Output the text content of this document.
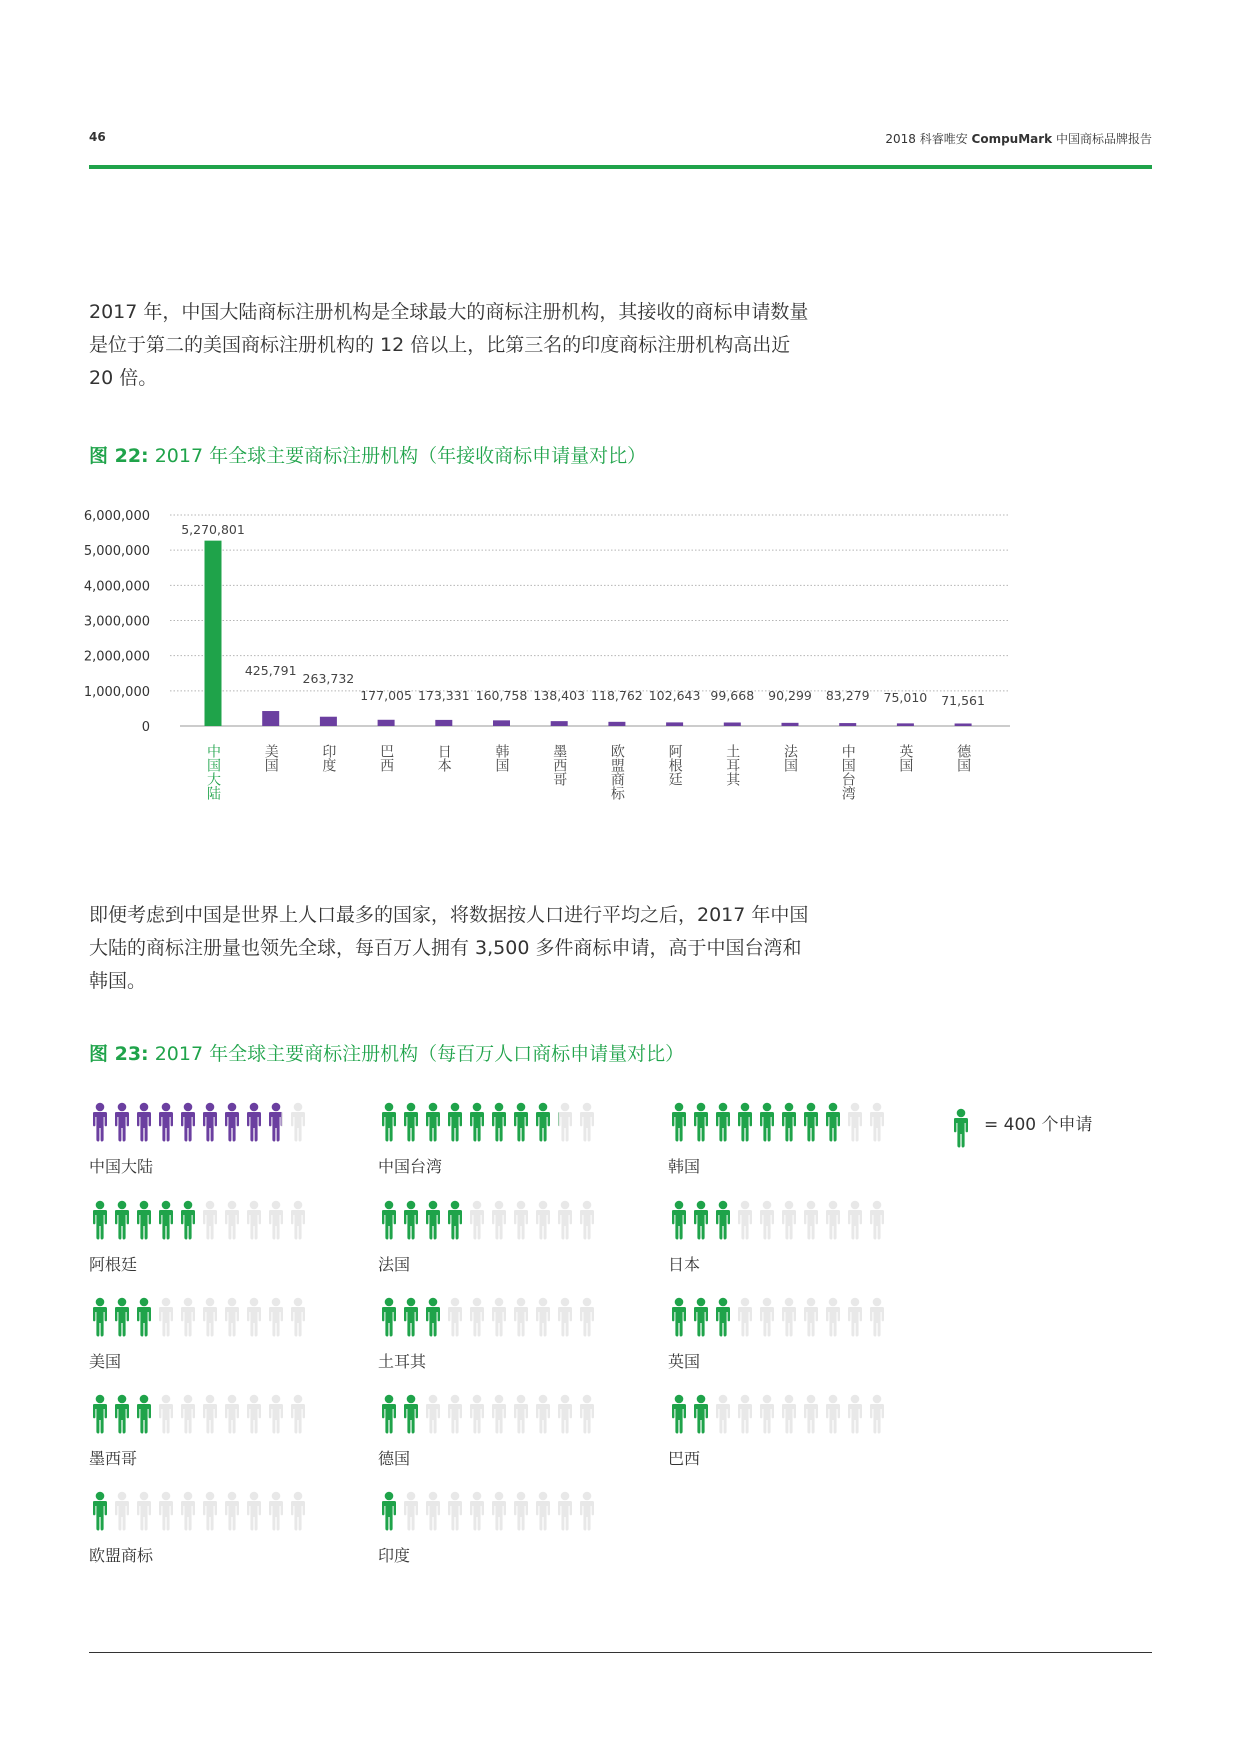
46	2018 科睿唯安 CompuMark 中国商标品牌报告

2017 年，中国大陆商标注册机构是全球最大的商标注册机构，其接收的商标申请数量是位于第二的美国商标注册机构的 12 倍以上，比第三名的印度商标注册机构高出近 20 倍。

图 22: 2017 年全球主要商标注册机构（年接收商标申请量对比）

0
1,000,000
2,000,000
3,000,000
4,000,000
5,000,000
6,000,000
5,270,801
中国大陆
425,791
美国
263,732
印度
177,005
巴西
173,331
日本
160,758
韩国
138,403
墨西哥
118,762
欧盟商标
102,643
阿根廷
99,668
土耳其
90,299
法国
83,279
中国台湾
75,010
英国
71,561
德国

即便考虑到中国是世界上人口最多的国家，将数据按人口进行平均之后，2017 年中国大陆的商标注册量也领先全球，每百万人拥有 3,500 多件商标申请，高于中国台湾和韩国。

图 23: 2017 年全球主要商标注册机构（每百万人口商标申请量对比）

中国大陆	中国台湾	韩国
阿根廷	法国	日本
美国	土耳其	英国
墨西哥	德国	巴西
欧盟商标	印度
= 400 个申请
